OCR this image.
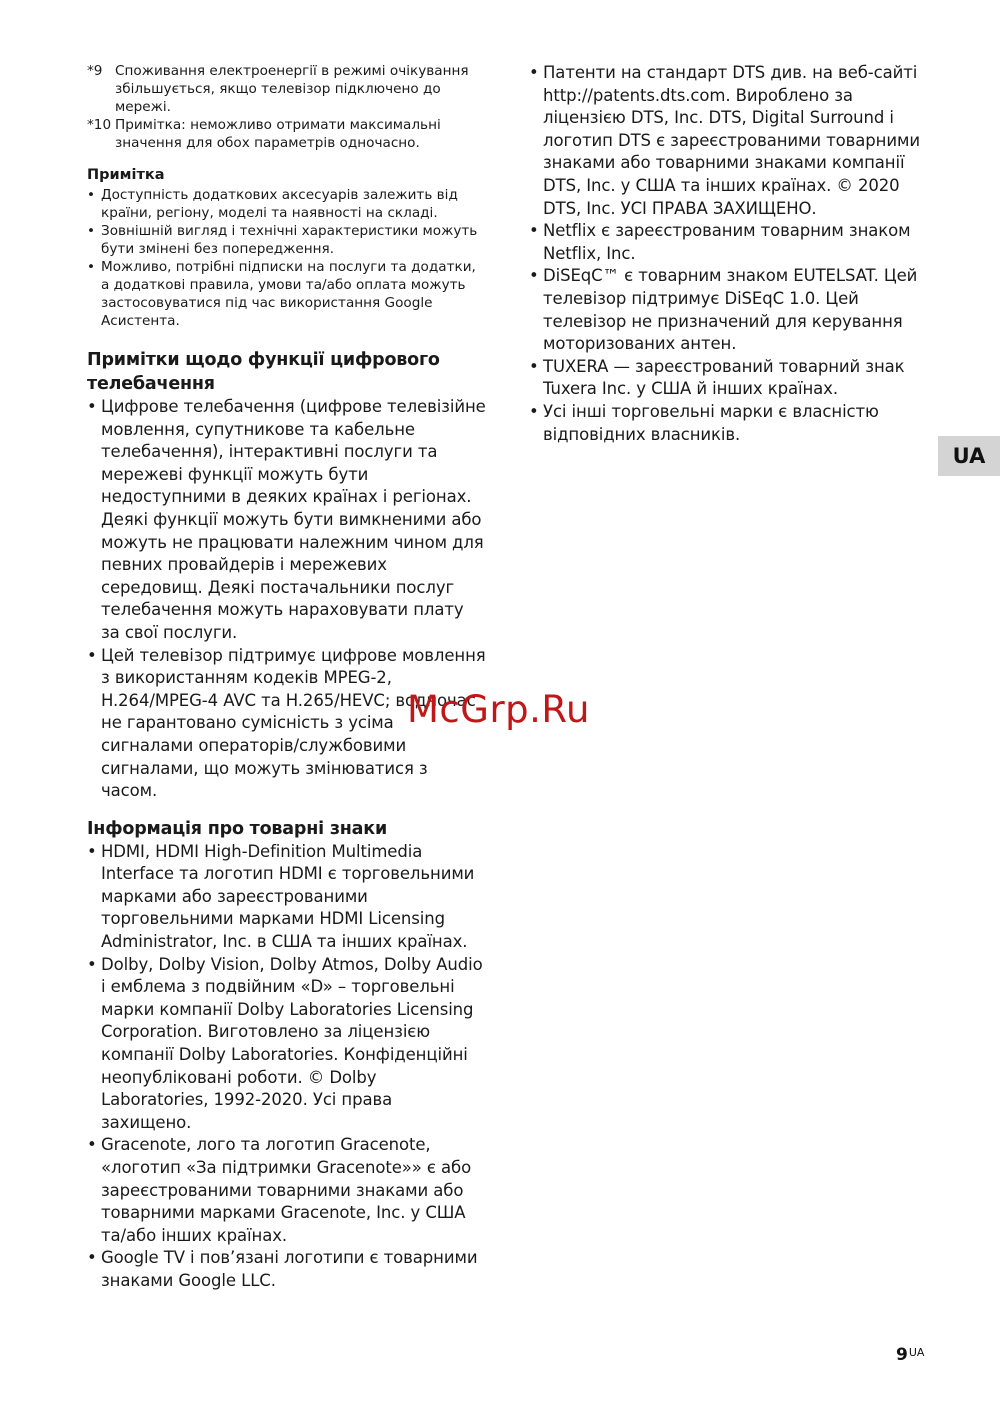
*9 Споживання електроенергії в режимі очікування збільшується, якщо телевізор підключено до мережі.
*10 Примітка: неможливо отримати максимальні значення для обох параметрів одночасно.
Примітка
• Доступність додаткових аксесуарів залежить від країни, регіону, моделі та наявності на складі.
• Зовнішній вигляд і технічні характеристики можуть бути змінені без попередження.
• Можливо, потрібні підписки на послуги та додатки, а додаткові правила, умови та/або оплата можуть застосовуватися під час використання Google Асистента.
Примітки щодо функції цифрового телебачення
• Цифрове телебачення (цифрове телевізійне мовлення, супутникове та кабельне телебачення), інтерактивні послуги та мережеві функції можуть бути недоступними в деяких країнах і регіонах. Деякі функції можуть бути вимкненими або можуть не працювати належним чином для певних провайдерів і мережевих середовищ. Деякі постачальники послуг телебачення можуть нараховувати плату за свої послуги.
• Цей телевізор підтримує цифрове мовлення з використанням кодеків MPEG-2, H.264/MPEG-4 AVC та H.265/HEVC; водночас не гарантовано сумісність з усіма сигналами операторів/службовими сигналами, що можуть змінюватися з часом.
Інформація про товарні знаки
• HDMI, HDMI High-Definition Multimedia Interface та логотип HDMI є торговельними марками або зареєстрованими торговельними марками HDMI Licensing Administrator, Inc. в США та інших країнах.
• Dolby, Dolby Vision, Dolby Atmos, Dolby Audio і емблема з подвійним «D» – торговельні марки компанії Dolby Laboratories Licensing Corporation. Виготовлено за ліцензією компанії Dolby Laboratories. Конфіденційні неопубліковані роботи. © Dolby Laboratories, 1992-2020. Усі права захищено.
• Gracenote, лого та логотип Gracenote, «логотип «За підтримки Gracenote»» є або зареєстрованими товарними знаками або товарними марками Gracenote, Inc. у США та/або інших країнах.
• Google TV і пов’язані логотипи є товарними знаками Google LLC.
• Патенти на стандарт DTS див. на веб-сайті http://patents.dts.com. Вироблено за ліцензією DTS, Inc. DTS, Digital Surround і логотип DTS є зареєстрованими товарними знаками або товарними знаками компанії DTS, Inc. у США та інших країнах. © 2020 DTS, Inc. УСІ ПРАВА ЗАХИЩЕНО.
• Netflix є зареєстрованим товарним знаком Netflix, Inc.
• DiSEqC™ є товарним знаком EUTELSAT. Цей телевізор підтримує DiSEqC 1.0. Цей телевізор не призначений для керування моторизованих антен.
• TUXERA — зареєстрований товарний знак Tuxera Inc. у США й інших країнах.
• Усі інші торговельні марки є власністю відповідних власників.
UA
$9^{UA}$
McGrp.Ru
